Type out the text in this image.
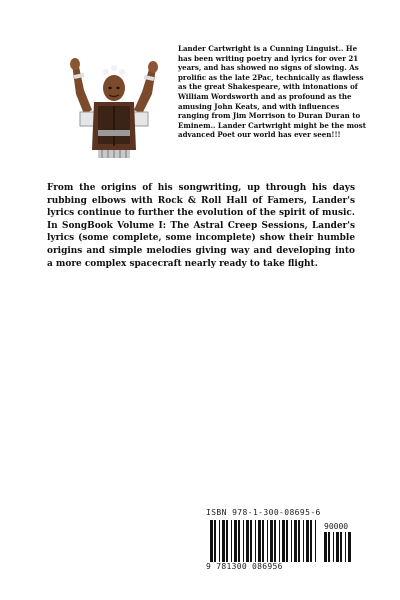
Lander Cartwright is a Cunning Linguist.. He has been writing poetry and lyrics for over 21 years, and has showed no signs of slowing. As prolific as the late 2Pac, technically as flawless as the great Shakespeare, with intonations of William Wordsworth and as profound as the amusing John Keats, and with influences ranging from Jim Morrison to Duran Duran to Eminem.. Lander Cartwright might be the most advanced Poet our world has ever seen!!!
From the origins of his songwriting, up through his days rubbing elbows with Rock & Roll Hall of Famers, Lander's lyrics continue to further the evolution of the spirit of music. In SongBook Volume I: The Astral Creep Sessions, Lander's lyrics (some complete, some incomplete) show their humble origins and simple melodies giving way and developing into a more complex spacecraft nearly ready to take flight.
ISBN 978-1-300-08695-6
90000
9 781300 086956
